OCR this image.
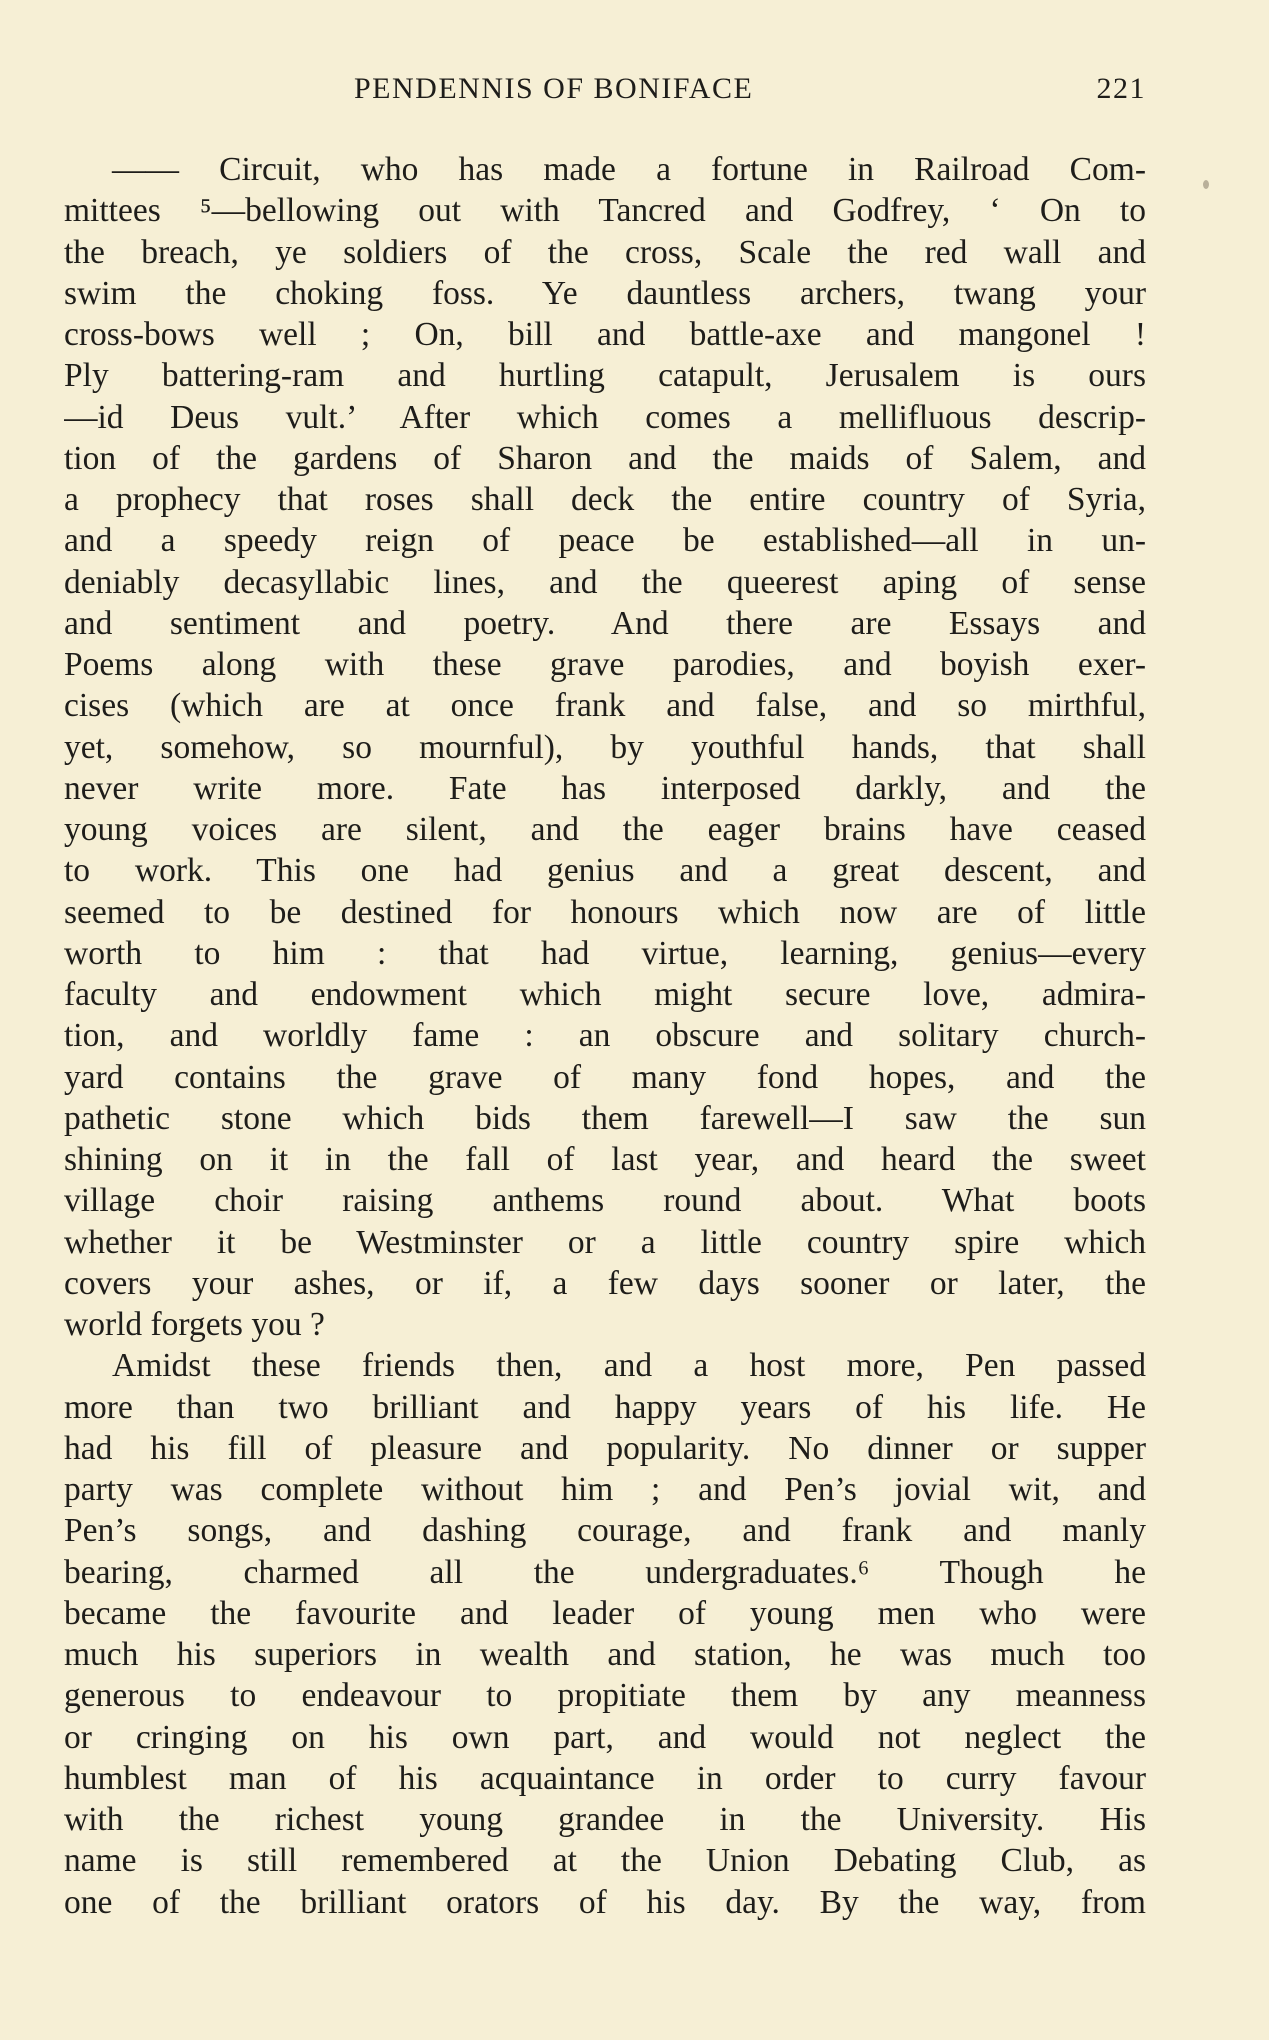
PENDENNIS OF BONIFACE	221
—— Circuit, who has made a fortune in Railroad Com-
mittees ⁵—bellowing out with Tancred and Godfrey, ‘ On to
the breach, ye soldiers of the cross, Scale the red wall and
swim the choking foss. Ye dauntless archers, twang your
cross-bows well ; On, bill and battle-axe and mangonel !
Ply battering-ram and hurtling catapult, Jerusalem is ours
—id Deus vult.’ After which comes a mellifluous descrip-
tion of the gardens of Sharon and the maids of Salem, and
a prophecy that roses shall deck the entire country of Syria,
and a speedy reign of peace be established—all in un-
deniably decasyllabic lines, and the queerest aping of sense
and sentiment and poetry. And there are Essays and
Poems along with these grave parodies, and boyish exer-
cises (which are at once frank and false, and so mirthful,
yet, somehow, so mournful), by youthful hands, that shall
never write more. Fate has interposed darkly, and the
young voices are silent, and the eager brains have ceased
to work. This one had genius and a great descent, and
seemed to be destined for honours which now are of little
worth to him : that had virtue, learning, genius—every
faculty and endowment which might secure love, admira-
tion, and worldly fame : an obscure and solitary church-
yard contains the grave of many fond hopes, and the
pathetic stone which bids them farewell—I saw the sun
shining on it in the fall of last year, and heard the sweet
village choir raising anthems round about. What boots
whether it be Westminster or a little country spire which
covers your ashes, or if, a few days sooner or later, the
world forgets you ?
Amidst these friends then, and a host more, Pen passed
more than two brilliant and happy years of his life. He
had his fill of pleasure and popularity. No dinner or supper
party was complete without him ; and Pen’s jovial wit, and
Pen’s songs, and dashing courage, and frank and manly
bearing, charmed all the undergraduates.⁶ Though he
became the favourite and leader of young men who were
much his superiors in wealth and station, he was much too
generous to endeavour to propitiate them by any meanness
or cringing on his own part, and would not neglect the
humblest man of his acquaintance in order to curry favour
with the richest young grandee in the University. His
name is still remembered at the Union Debating Club, as
one of the brilliant orators of his day. By the way, from
